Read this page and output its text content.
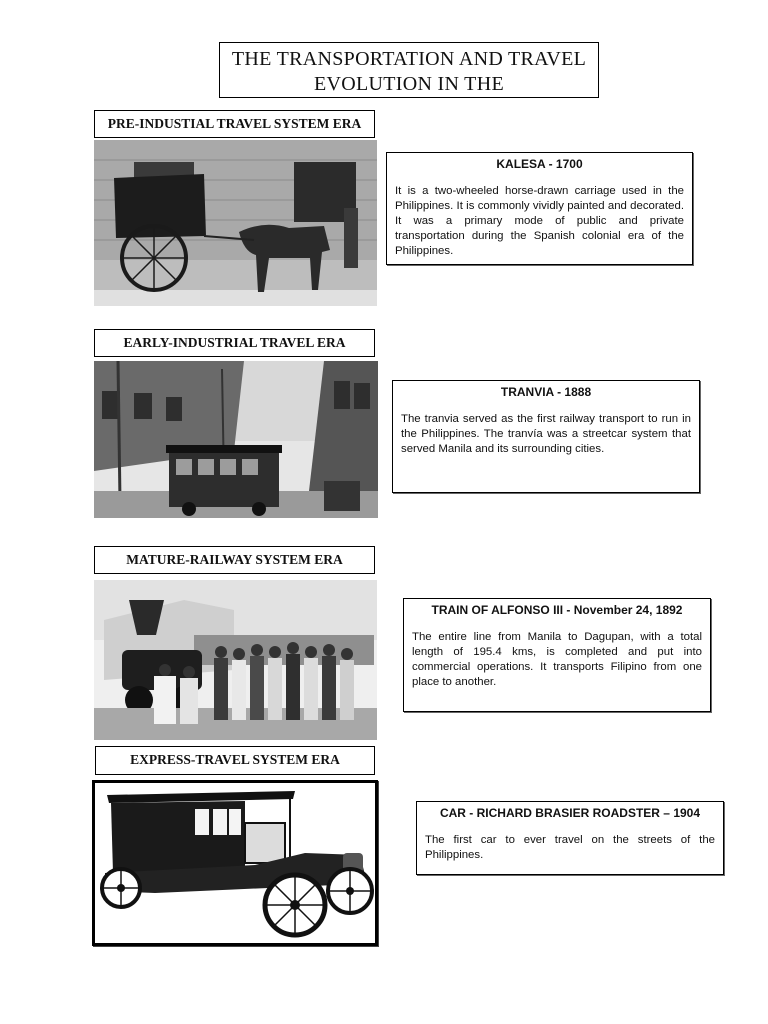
THE TRANSPORTATION AND TRAVEL EVOLUTION IN THE
PRE-INDUSTIAL TRAVEL SYSTEM ERA
KALESA - 1700
It is a two-wheeled horse-drawn carriage used in the Philippines. It is commonly vividly painted and decorated. It was a primary mode of public and private transportation during the Spanish colonial era of the Philippines.
EARLY-INDUSTRIAL TRAVEL ERA
TRANVIA - 1888
The tranvia served as the first railway transport to run in the Philippines. The tranvía was a streetcar system that served Manila and its surrounding cities.
MATURE-RAILWAY SYSTEM ERA
TRAIN OF ALFONSO III - November 24, 1892
The entire line from Manila to Dagupan, with a total length of 195.4 kms, is completed and put into commercial operations. It transports Filipino from one place to another.
EXPRESS-TRAVEL SYSTEM ERA
CAR - RICHARD BRASIER ROADSTER – 1904
The first car to ever travel on the streets of the Philippines.
